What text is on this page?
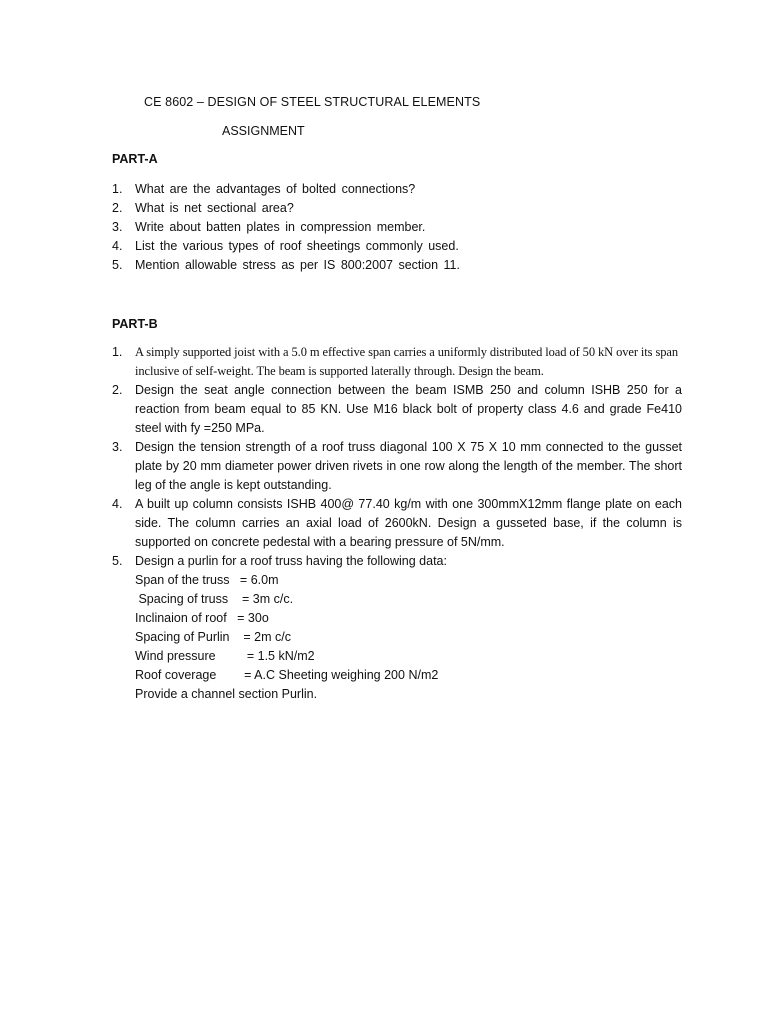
CE 8602 – DESIGN OF STEEL STRUCTURAL ELEMENTS
ASSIGNMENT
PART-A
1. What are the advantages of bolted connections?
2. What is net sectional area?
3. Write about batten plates in compression member.
4. List the various types of roof sheetings commonly used.
5. Mention allowable stress as per IS 800:2007 section 11.
PART-B
1. A simply supported joist with a 5.0 m effective span carries a uniformly distributed load of 50 kN over its span inclusive of self-weight. The beam is supported laterally through. Design the beam.
2. Design the seat angle connection between the beam ISMB 250 and column ISHB 250 for a reaction from beam equal to 85 KN. Use M16 black bolt of property class 4.6 and grade Fe410 steel with fy =250 MPa.
3. Design the tension strength of a roof truss diagonal 100 X 75 X 10 mm connected to the gusset plate by 20 mm diameter power driven rivets in one row along the length of the member. The short leg of the angle is kept outstanding.
4. A built up column consists ISHB 400@ 77.40 kg/m with one 300mmX12mm flange plate on each side. The column carries an axial load of 2600kN. Design a gusseted base, if the column is supported on concrete pedestal with a bearing pressure of 5N/mm.
5. Design a purlin for a roof truss having the following data:
Span of the truss   = 6.0m
Spacing of truss    = 3m c/c.
Inclinaion of roof   = 30o
Spacing of Purlin    = 2m c/c
Wind pressure         = 1.5 kN/m2
Roof coverage        = A.C Sheeting weighing 200 N/m2
Provide a channel section Purlin.
